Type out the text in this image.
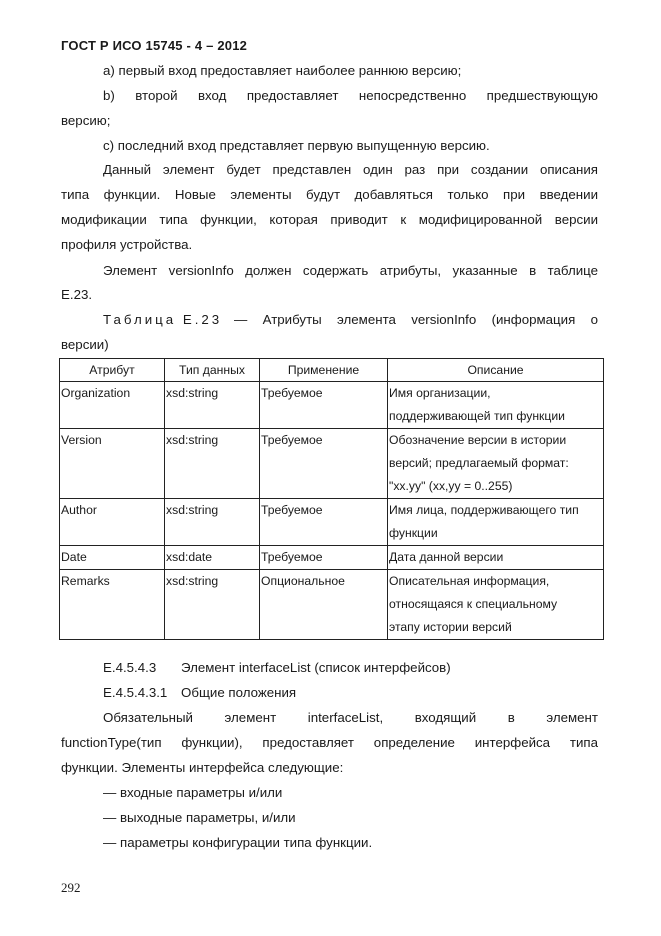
ГОСТ Р ИСО 15745 - 4 – 2012
а) первый вход предоставляет наиболее раннюю версию;
b) второй вход предоставляет непосредственно предшествующую
версию;
с) последний вход представляет первую выпущенную версию.
Данный элемент будет представлен один раз при создании описания
типа функции. Новые элементы будут добавляться только при введении
модификации типа функции, которая приводит к модифицированной версии
профиля устройства.
Элемент versionInfo должен содержать атрибуты, указанные в таблице
Е.23.
Таблица Е.23 — Атрибуты элемента versionInfo (информация о
версии)
Атрибут	Тип данных	Применение	Описание
Organization	xsd:string	Требуемое	Имя организации,
поддерживающей тип функции

Version	xsd:string	Требуемое	Обозначение версии в истории
версий; предлагаемый формат:
"xx.yy" (xx,yy = 0..255)

Author	xsd:string	Требуемое	Имя лица, поддерживающего тип
функции

Date	xsd:date	Требуемое	Дата данной версии

Remarks	xsd:string	Опциональное	Описательная информация,
относящаяся к специальному
этапу истории версий
Е.4.5.4.3 Элемент interfaceList (список интерфейсов)
Е.4.5.4.3.1 Общие положения
Обязательный элемент interfaceList, входящий в элемент
functionType(тип функции), предоставляет определение интерфейса типа
функции. Элементы интерфейса следующие:
— входные параметры и/или
— выходные параметры, и/или
— параметры конфигурации типа функции.
292
